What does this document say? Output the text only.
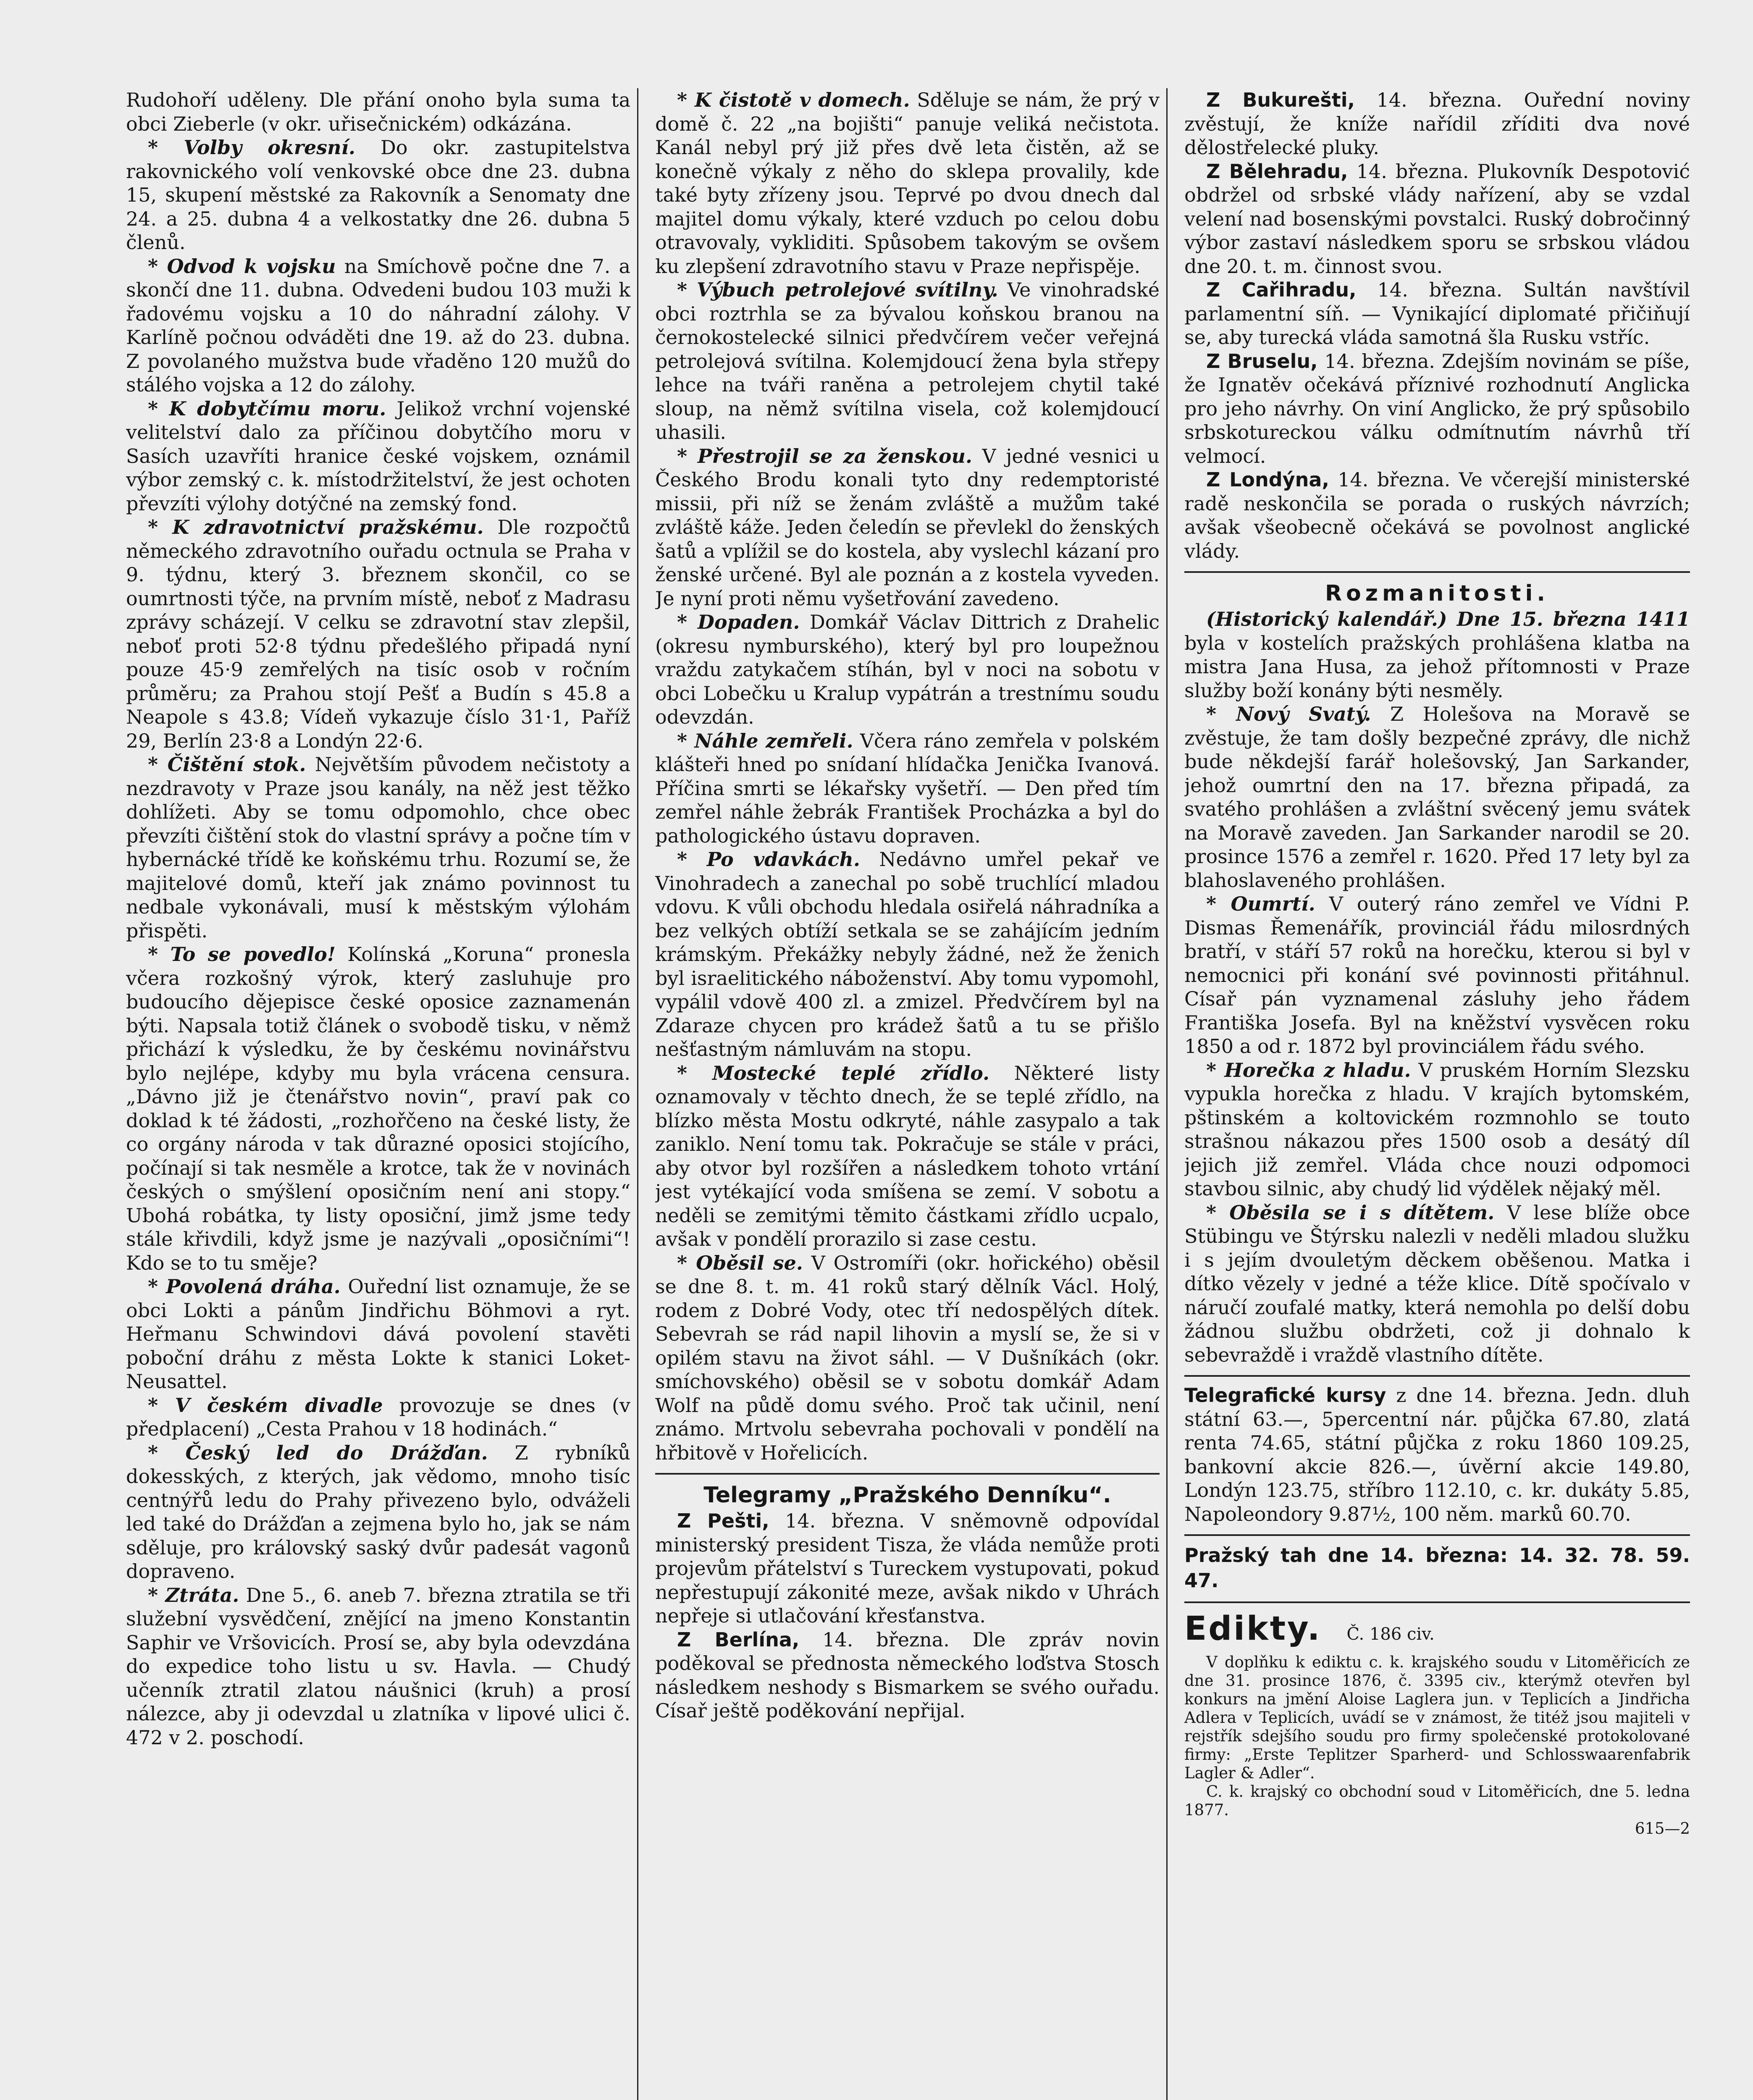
Rudohoří uděleny. Dle přání onoho byla suma ta obci Zieberle (v okr. uřisečnickém) odkázána.

* Volby okresní. Do okr. zastupitelstva rakovnického volí venkovské obce dne 23. dubna 15, skupení městské za Rakovník a Senomaty dne 24. a 25. dubna 4 a velkostatky dne 26. dubna 5 členů.

* Odvod k vojsku na Smíchově počne dne 7. a skončí dne 11. dubna. Odvedeni budou 103 muži k řadovému vojsku a 10 do náhradní zálohy. V Karlíně počnou odváděti dne 19. až do 23. dubna. Z povolaného mužstva bude vřaděno 120 mužů do stálého vojska a 12 do zálohy.

* K dobytčímu moru. Jelikož vrchní vojenské velitelství dalo za příčinou dobytčího moru v Sasích uzavříti hranice české vojskem, oznámil výbor zemský c. k. místodržitelství, že jest ochoten převzíti výlohy dotýčné na zemský fond.

* K zdravotnictví pražskému. Dle rozpočtů německého zdravotního ouřadu octnula se Praha v 9. týdnu, který 3. březnem skončil, co se oumrtnosti týče, na prvním místě, neboť z Madrasu zprávy scházejí. V celku se zdravotní stav zlepšil, neboť proti 52·8 týdnu předešlého připadá nyní pouze 45·9 zemřelých na tisíc osob v ročním průměru; za Prahou stojí Pešť a Budín s 45.8 a Neapole s 43.8; Vídeň vykazuje číslo 31·1, Paříž 29, Berlín 23·8 a Londýn 22·6.

* Čištění stok. Největším původem nečistoty a nezdravoty v Praze jsou kanály, na něž jest těžko dohlížeti. Aby se tomu odpomohlo, chce obec převzíti čištění stok do vlastní správy a počne tím v hybernácké třídě ke koňskému trhu. Rozumí se, že majitelové domů, kteří jak známo povinnost tu nedbale vykonávali, musí k městským výlohám přispěti.

* To se povedlo! Kolínská „Koruna“ pronesla včera rozkošný výrok, který zasluhuje pro budoucího dějepisce české oposice zaznamenán býti. Napsala totiž článek o svobodě tisku, v němž přichází k výsledku, že by českému novinářstvu bylo nejlépe, kdyby mu byla vrácena censura. „Dávno již je čtenářstvo novin“, praví pak co doklad k té žádosti, „rozhořčeno na české listy, že co orgány národa v tak důrazné oposici stojícího, počínají si tak nesměle a krotce, tak že v novinách českých o smýšlení oposičním není ani stopy.“ Ubohá robátka, ty listy oposiční, jimž jsme tedy stále křivdili, když jsme je nazývali „oposičními“! Kdo se to tu směje?

* Povolená dráha. Ouřední list oznamuje, že se obci Lokti a pánům Jindřichu Böhmovi a ryt. Heřmanu Schwindovi dává povolení stavěti poboční dráhu z města Lokte k stanici Loket-Neusattel.

* V českém divadle provozuje se dnes (v předplacení) „Cesta Prahou v 18 hodinách.“

* Český led do Drážďan. Z rybníků dokesských, z kterých, jak vědomo, mnoho tisíc centnýřů ledu do Prahy přivezeno bylo, odváželi led také do Drážďan a zejmena bylo ho, jak se nám sděluje, pro královský saský dvůr padesát vagonů dopraveno.

* Ztráta. Dne 5., 6. aneb 7. března ztratila se tři služební vysvědčení, znějící na jmeno Konstantin Saphir ve Vršovicích. Prosí se, aby byla odevzdána do expedice toho listu u sv. Havla. — Chudý učenník ztratil zlatou náušnici (kruh) a prosí nálezce, aby ji odevzdal u zlatníka v lipové ulici č. 472 v 2. poschodí.

* K čistotě v domech. Sděluje se nám, že prý v domě č. 22 „na bojišti“ panuje veliká nečistota. Kanál nebyl prý již přes dvě leta čistěn, až se konečně výkaly z něho do sklepa provalily, kde také byty zřízeny jsou. Teprvé po dvou dnech dal majitel domu výkaly, které vzduch po celou dobu otravovaly, vykliditi. Spůsobem takovým se ovšem ku zlepšení zdravotního stavu v Praze nepřispěje.

* Výbuch petrolejové svítilny. Ve vinohradské obci roztrhla se za bývalou koňskou branou na černokostelecké silnici předvčírem večer veřejná petrolejová svítilna. Kolemjdoucí žena byla střepy lehce na tváři raněna a petrolejem chytil také sloup, na němž svítilna visela, což kolemjdoucí uhasili.

* Přestrojil se za ženskou. V jedné vesnici u Českého Brodu konali tyto dny redemptoristé missii, při níž se ženám zvláště a mužům také zvláště káže. Jeden čeledín se převlekl do ženských šatů a vplížil se do kostela, aby vyslechl kázaní pro ženské určené. Byl ale poznán a z kostela vyveden. Je nyní proti němu vyšetřování zavedeno.

* Dopaden. Domkář Václav Dittrich z Drahelic (okresu nymburského), který byl pro loupežnou vraždu zatykačem stíhán, byl v noci na sobotu v obci Lobečku u Kralup vypátrán a trestnímu soudu odevzdán.

* Náhle zemřeli. Včera ráno zemřela v polském klášteři hned po snídaní hlídačka Jenička Ivanová. Příčina smrti se lékařsky vyšetří. — Den před tím zemřel náhle žebrák František Procházka a byl do pathologického ústavu dopraven.

* Po vdavkách. Nedávno umřel pekař ve Vinohradech a zanechal po sobě truchlící mladou vdovu. K vůli obchodu hledala osiřelá náhradníka a bez velkých obtíží setkala se se zahájícím jedním krámským. Překážky nebyly žádné, než že ženich byl israelitického náboženství. Aby tomu vypomohl, vypálil vdově 400 zl. a zmizel. Předvčírem byl na Zdaraze chycen pro krádež šatů a tu se přišlo nešťastným námluvám na stopu.

* Mostecké teplé zřídlo. Některé listy oznamovaly v těchto dnech, že se teplé zřídlo, na blízko města Mostu odkryté, náhle zasypalo a tak zaniklo. Není tomu tak. Pokračuje se stále v práci, aby otvor byl rozšířen a následkem tohoto vrtání jest vytékající voda smíšena se zemí. V sobotu a neděli se zemitými těmito částkami zřídlo ucpalo, avšak v pondělí prorazilo si zase cestu.

* Oběsil se. V Ostromíři (okr. hořického) oběsil se dne 8. t. m. 41 roků starý dělník Václ. Holý, rodem z Dobré Vody, otec tří nedospělých dítek. Sebevrah se rád napil lihovin a myslí se, že si v opilém stavu na život sáhl. — V Dušníkách (okr. smíchovského) oběsil se v sobotu domkář Adam Wolf na půdě domu svého. Proč tak učinil, není známo. Mrtvolu sebevraha pochovali v pondělí na hřbitově v Hořelicích.

Telegramy „Pražského Denníku“.

Z Pešti, 14. března. V sněmovně odpovídal ministerský president Tisza, že vláda nemůže proti projevům přátelství s Tureckem vystupovati, pokud nepřestupují zákonité meze, avšak nikdo v Uhrách nepřeje si utlačování křesťanstva.

Z Berlína, 14. března. Dle zpráv novin poděkoval se přednosta německého loďstva Stosch následkem neshody s Bismarkem se svého ouřadu. Císař ještě poděkování nepřijal.

Z Bukurešti, 14. března. Ouřední noviny zvěstují, že kníže nařídil zříditi dva nové dělostřelecké pluky.

Z Bělehradu, 14. března. Plukovník Despotović obdržel od srbské vlády nařízení, aby se vzdal velení nad bosenskými povstalci. Ruský dobročinný výbor zastaví následkem sporu se srbskou vládou dne 20. t. m. činnost svou.

Z Cařihradu, 14. března. Sultán navštívil parlamentní síň. — Vynikající diplomaté přičiňují se, aby turecká vláda samotná šla Rusku vstříc.

Z Bruselu, 14. března. Zdejším novinám se píše, že Ignatěv očekává příznivé rozhodnutí Anglicka pro jeho návrhy. On viní Anglicko, že prý spůsobilo srbskotureckou válku odmítnutím návrhů tří velmocí.

Z Londýna, 14. března. Ve včerejší ministerské radě neskončila se porada o ruských návrzích; avšak všeobecně očekává se povolnost anglické vlády.

Rozmanitosti.

(Historický kalendář.) Dne 15. března 1411 byla v kostelích pražských prohlášena klatba na mistra Jana Husa, za jehož přítomnosti v Praze služby boží konány býti nesměly.

* Nový Svatý. Z Holešova na Moravě se zvěstuje, že tam došly bezpečné zprávy, dle nichž bude někdejší farář holešovský, Jan Sarkander, jehož oumrtní den na 17. března připadá, za svatého prohlášen a zvláštní svěcený jemu svátek na Moravě zaveden. Jan Sarkander narodil se 20. prosince 1576 a zemřel r. 1620. Před 17 lety byl za blahoslaveného prohlášen.

* Oumrtí. V outerý ráno zemřel ve Vídni P. Dismas Řemenářík, provinciál řádu milosrdných bratří, v stáří 57 roků na horečku, kterou si byl v nemocnici při konání své povinnosti přitáhnul. Císař pán vyznamenal zásluhy jeho řádem Františka Josefa. Byl na kněžství vysvěcen roku 1850 a od r. 1872 byl provinciálem řádu svého.

* Horečka z hladu. V pruském Horním Slezsku vypukla horečka z hladu. V krajích bytomském, pštinském a koltovickém rozmnohlo se touto strašnou nákazou přes 1500 osob a desátý díl jejich již zemřel. Vláda chce nouzi odpomoci stavbou silnic, aby chudý lid výdělek nějaký měl.

* Oběsila se i s dítětem. V lese blíže obce Stübingu ve Štýrsku nalezli v neděli mladou služku i s jejím dvouletým děckem oběšenou. Matka i dítko vězely v jedné a téže klice. Dítě spočívalo v náručí zoufalé matky, která nemohla po delší dobu žádnou službu obdržeti, což ji dohnalo k sebevraždě i vraždě vlastního dítěte.

Telegrafické kursy z dne 14. března. Jedn. dluh státní 63.—, 5percentní nár. půjčka 67.80, zlatá renta 74.65, státní půjčka z roku 1860 109.25, bankovní akcie 826.—, úvěrní akcie 149.80, Londýn 123.75, stříbro 112.10, c. kr. dukáty 5.85, Napoleondory 9.87½, 100 něm. marků 60.70.

Pražský tah dne 14. března: 14. 32. 78. 59. 47.
Edikty. Č. 186 civ.

V doplňku k ediktu c. k. krajského soudu v Litoměřicích ze dne 31. prosince 1876, č. 3395 civ., kterýmž otevřen byl konkurs na jmění Aloise Laglera jun. v Teplicích a Jindřicha Adlera v Teplicích, uvádí se v známost, že titéž jsou majiteli v rejstřík sdejšího soudu pro firmy společenské protokolované firmy: „Erste Teplitzer Sparherd- und Schlosswaarenfabrik Lagler & Adler“.

C. k. krajský co obchodní soud v Litoměřicích, dne 5. ledna 1877.

615—2
